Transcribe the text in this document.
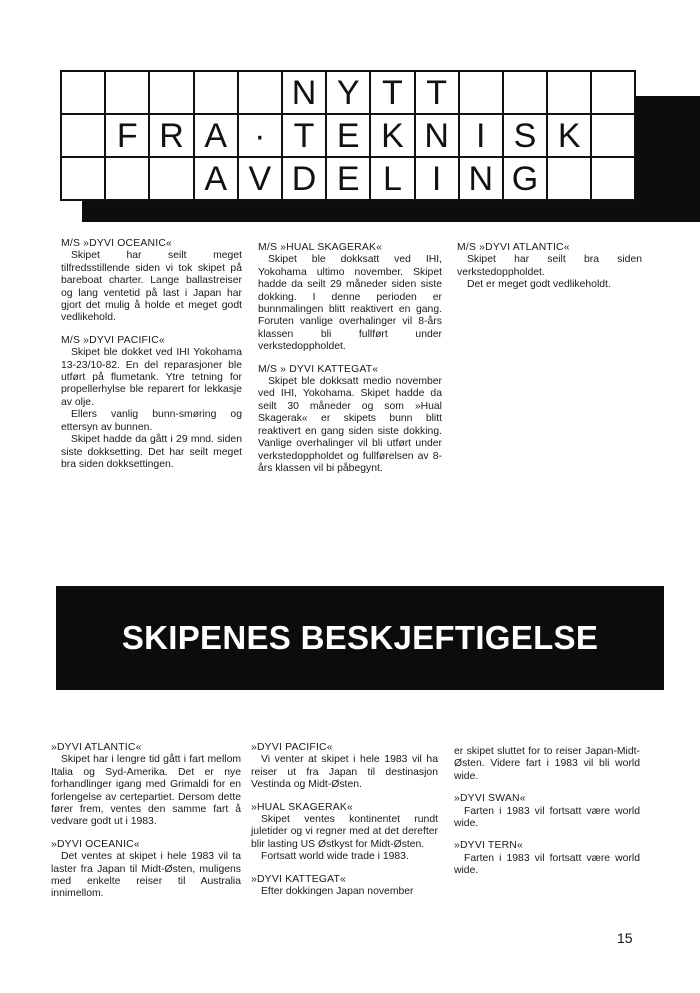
N Y T T
F R A · T E K N I S K
A V D E L I N G

M/S »DYVI OCEANIC«

Skipet har seilt meget tilfredsstillende siden vi tok skipet på bareboat charter. Lange ballastreiser og lang ventetid på last i Japan har gjort det mulig å holde et meget godt vedlikehold.

M/S »DYVI PACIFIC«

Skipet ble dokket ved IHI Yokohama 13-23/10-82. En del reparasjoner ble utført på flumetank. Ytre tetning for propellerhylse ble reparert for lekkasje av olje.

Ellers vanlig bunn-smøring og ettersyn av bunnen.

Skipet hadde da gått i 29 mnd. siden siste dokksetting. Det har seilt meget bra siden dokksettingen.

M/S »HUAL SKAGERAK«

Skipet ble dokksatt ved IHI, Yokohama ultimo november. Skipet hadde da seilt 29 måneder siden siste dokking. I denne perioden er bunnmalingen blitt reaktivert en gang. Foruten vanlige overhalinger vil 8-års klassen bli fullført under verkstedoppholdet.

M/S » DYVI KATTEGAT«

Skipet ble dokksatt medio november ved IHI, Yokohama. Skipet hadde da seilt 30 måneder og som »Hual Skagerak« er skipets bunn blitt reaktivert en gang siden siste dokking. Vanlige overhalinger vil bli utført under verkstedoppholdet og fullførelsen av 8-års klassen vil bi påbegynt.

M/S »DYVI ATLANTIC«

Skipet har seilt bra siden verkstedoppholdet.

Det er meget godt vedlikeholdt.

SKIPENES BESKJEFTIGELSE

»DYVI ATLANTIC«

Skipet har i lengre tid gått i fart mellom Italia og Syd-Amerika. Det er nye forhandlinger igang med Grimaldi for en forlengelse av certepartiet. Dersom dette fører frem, ventes den samme fart å vedvare godt ut i 1983.

»DYVI OCEANIC«

Det ventes at skipet i hele 1983 vil ta laster fra Japan til Midt-Østen, muligens med enkelte reiser til Australia innimellom.

»DYVI PACIFIC«

Vi venter at skipet i hele 1983 vil ha reiser ut fra Japan til destinasjon Vestinda og Midt-Østen.

»HUAL SKAGERAK«

Skipet ventes kontinentet rundt juletider og vi regner med at det derefter blir lasting US Østkyst for Midt-Østen.

Fortsatt world wide trade i 1983.

»DYVI KATTEGAT«

Efter dokkingen Japan november

er skipet sluttet for to reiser Japan-Midt-Østen. Videre fart i 1983 vil bli world wide.

»DYVI SWAN«

Farten i 1983 vil fortsatt være world wide.

»DYVI TERN«

Farten i 1983 vil fortsatt være world wide.

15
